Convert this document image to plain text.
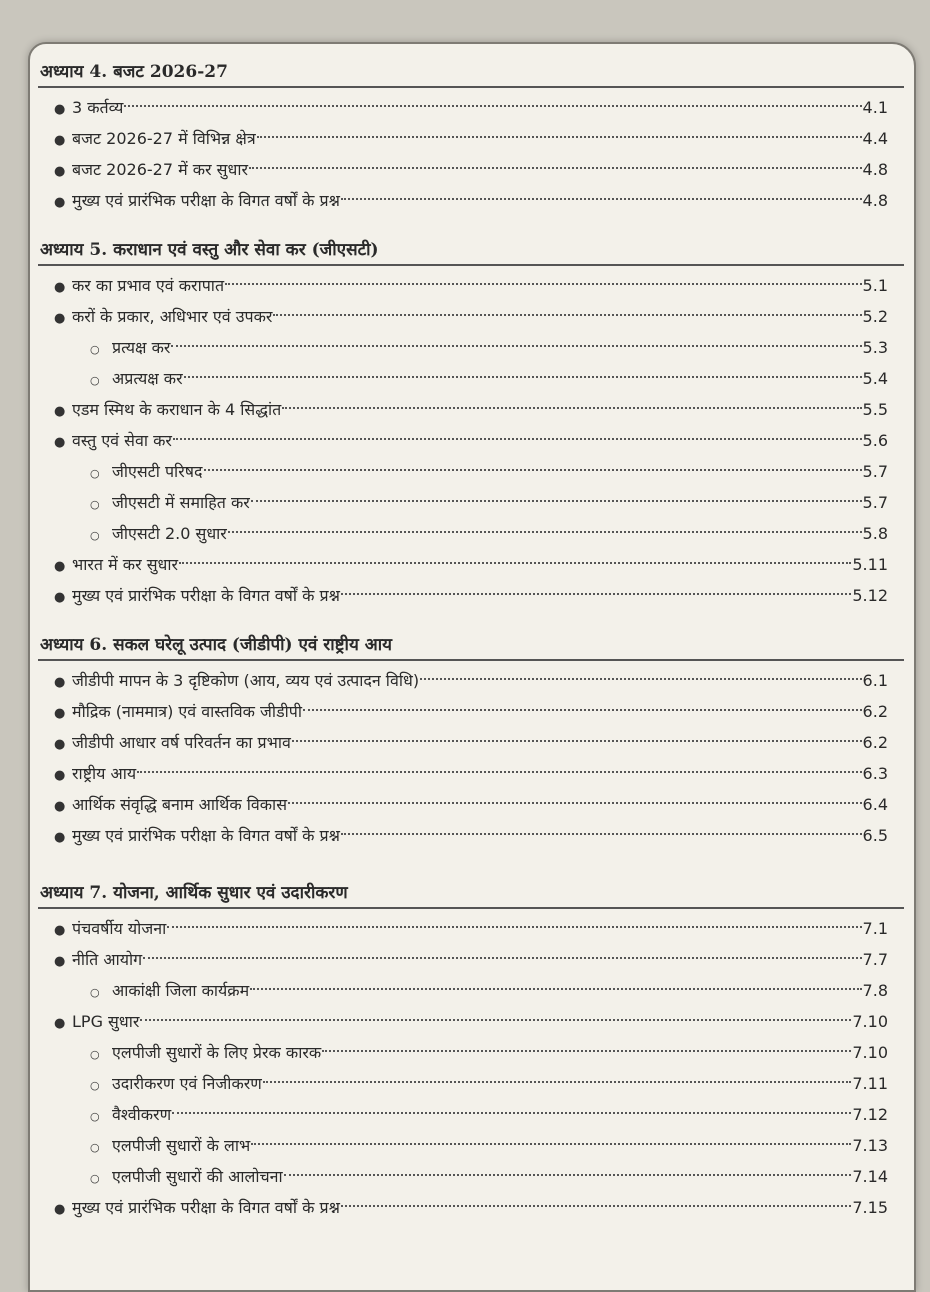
अध्याय 4. बजट 2026-27
● 3 कर्तव्य	4.1
● बजट 2026-27 में विभिन्न क्षेत्र	4.4
● बजट 2026-27 में कर सुधार	4.8
● मुख्य एवं प्रारंभिक परीक्षा के विगत वर्षों के प्रश्न	4.8
अध्याय 5. कराधान एवं वस्तु और सेवा कर (जीएसटी)
● कर का प्रभाव एवं करापात	5.1
● करों के प्रकार, अधिभार एवं उपकर	5.2
○ प्रत्यक्ष कर	5.3
○ अप्रत्यक्ष कर	5.4
● एडम स्मिथ के कराधान के 4 सिद्धांत	5.5
● वस्तु एवं सेवा कर	5.6
○ जीएसटी परिषद	5.7
○ जीएसटी में समाहित कर	5.7
○ जीएसटी 2.0 सुधार	5.8
● भारत में कर सुधार	5.11
● मुख्य एवं प्रारंभिक परीक्षा के विगत वर्षों के प्रश्न	5.12
अध्याय 6. सकल घरेलू उत्पाद (जीडीपी) एवं राष्ट्रीय आय
● जीडीपी मापन के 3 दृष्टिकोण (आय, व्यय एवं उत्पादन विधि)	6.1
● मौद्रिक (नाममात्र) एवं वास्तविक जीडीपी	6.2
● जीडीपी आधार वर्ष परिवर्तन का प्रभाव	6.2
● राष्ट्रीय आय	6.3
● आर्थिक संवृद्धि बनाम आर्थिक विकास	6.4
● मुख्य एवं प्रारंभिक परीक्षा के विगत वर्षों के प्रश्न	6.5
अध्याय 7. योजना, आर्थिक सुधार एवं उदारीकरण
● पंचवर्षीय योजना	7.1
● नीति आयोग	7.7
○ आकांक्षी जिला कार्यक्रम	7.8
● LPG सुधार	7.10
○ एलपीजी सुधारों के लिए प्रेरक कारक	7.10
○ उदारीकरण एवं निजीकरण	7.11
○ वैश्वीकरण	7.12
○ एलपीजी सुधारों के लाभ	7.13
○ एलपीजी सुधारों की आलोचना	7.14
● मुख्य एवं प्रारंभिक परीक्षा के विगत वर्षों के प्रश्न	7.15
